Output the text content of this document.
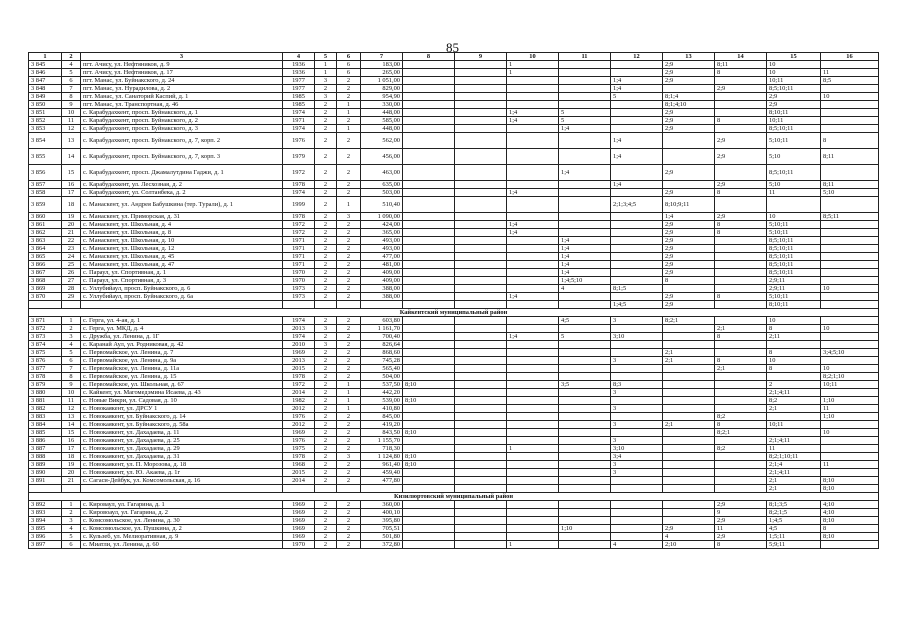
85
1	2	3	4	5	6	7	8	9	10	11	12	13	14	15	16
3 845	4	пгт. Ачису, ул. Нефтяников, д. 9	1936	1	6	183,00			1			2;9	8;11	10	
3 846	5	пгт. Ачису, ул. Нефтяников, д. 17	1936	1	6	265,00			1			2;9	8	10	11
3 847	6	пгт. Манас, ул. Буйнакского, д. 24	1977	3	2	1 051,00					1;4	2;9		10;11	8;5
3 848	7	пгт. Манас, ул. Нурадилова, д. 2	1977	2	2	829,00					1;4		2;9	8;5;10;11	
3 849	8	пгт. Манас, ул. Санаторий Каспий, д. 1	1985	3	2	954,90					5	8;1;4		2;9	10
3 850	9	пгт. Манас, ул. Транспортная, д. 46	1985	2	1	330,00						8;1;4;10		2;9	
3 851	10	с. Карабудахкент, просп. Буйнакского, д. 1	1974	2	1	448,00			1;4	5		2;9		8;10;11	
3 852	11	с. Карабудахкент, просп. Буйнакского, д. 2	1971	2	2	585,00			1;4	5		2;9	8	10;11	
3 853	12	с. Карабудахкент, просп. Буйнакского, д. 3	1974	2	1	448,00				1;4		2;9		8;5;10;11	
3 854	13	с. Карабудахкент, просп. Буйнакского, д. 7, корп. 2	1976	2	2	562,00					1;4		2;9	5;10;11	8
3 855	14	с. Карабудахкент, просп. Буйнакского, д. 7, корп. 3	1979	2	2	456,00					1;4		2;9	5;10	8;11
3 856	15	с. Карабудахкент, просп. Джамалутдина Гаджи, д. 1	1972	2	2	463,00				1;4		2;9		8;5;10;11	
3 857	16	с. Карабудахкент, ул. Лесхозная, д. 2	1978	2	2	635,00					1;4		2;9	5;10	8;11
3 858	17	с. Карабудахкент, ул. Солтанбека, д. 2	1974	2	2	503,00			1;4			2;9	8	11	5;10
3 859	18	с. Манаскент, ул. Андрея Бабушкина (тер. Турали), д. 1	1999	2	1	510,40					2;1;3;4;5	8;10;9;11			
3 860	19	с. Манаскент, ул. Приморская, д. 31	1978	2	3	1 090,00						1;4	2;9	10	8;5;11
3 861	20	с. Манаскент, ул. Школьная, д. 4	1972	2	2	424,00			1;4			2;9	8	5;10;11	
3 862	21	с. Манаскент, ул. Школьная, д. 8	1972	2	2	365,00			1;4			2;9	8	5;10;11	
3 863	22	с. Манаскент, ул. Школьная, д. 10	1971	2	2	493,00				1;4		2;9		8;5;10;11	
3 864	23	с. Манаскент, ул. Школьная, д. 12	1971	2	2	493,00				1;4		2;9		8;5;10;11	
3 865	24	с. Манаскент, ул. Школьная, д. 45	1971	2	2	477,00				1;4		2;9		8;5;10;11	
3 866	25	с. Манаскент, ул. Школьная, д. 47	1971	2	2	481,00				1;4		2;9		8;5;10;11	
3 867	26	с. Параул, ул. Спортивная, д. 1	1970	2	2	409,00				1;4		2;9		8;5;10;11	
3 868	27	с. Параул, ул. Спортивная, д. 3	1970	2	2	409,00				1;4;5;10		8		2;9;11	
3 869	28	с. Уллубийаул, просп. Буйнакского, д. 6	1973	2	2	388,00				4	8;1;5			2;9;11	10
3 870	29	с. Уллубийаул, просп. Буйнакского, д. 6а	1973	2	2	388,00			1;4			2;9	8	5;10;11	
											1;4;5	2;9		8;10;11	
Кайкентский муниципальный район															
3 871	1	с. Герга, ул. 4-ая, д. 1	1974	2	2	603,80				4;5	3	8;2;1		10	
3 872	2	с. Герга, ул. МКД, д. 4	2013	3	2	1 161,70							2;1	8	10
3 873	3	с. Дружба, ул. Ленина, д. 1Г	1974	2	2	700,40			1;4	5	3;10		8	2;11	
3 874	4	с. Каранай Аул, ул. Родниковая, д. 42	2010	3	2	826,64									
3 875	5	с. Первомайское, ул. Ленина, д. 7	1969	2	2	868,60						2;1		8	3;4;5;10
3 876	6	с. Первомайское, ул. Ленина, д. 9а	2013	2	2	745,28					3	2;1	8	10	
3 877	7	с. Первомайское, ул. Ленина, д. 11а	2015	2	2	565,40							2;1	8	10
3 878	8	с. Первомайское, ул. Ленина, д. 15	1978	2	2	504,00									8;2;1;10
3 879	9	с. Первомайское, ул. Школьная, д. 67	1972	2	1	537,50	8;10			3;5	8;3			2	10;11
3 880	10	с. Кайкент, ул. Магомедэмина Исаева, д. 43	2014	2	1	442,20					3			2;1;4;11	
3 881	11	с. Новые Викри, ул. Садовая, д. 10	1982	2	1	539,00	8;10							8;2	1;10
3 882	12	с. Новокаякент, ул. ДРСУ 1	2012	2	1	410,80					3			2;1	11
3 883	13	с. Новокаякент, ул. Буйнакского, д. 14	1976	2	2	845,00							8;2		1;10
3 884	14	с. Новокаякент, ул. Буйнакского, д. 58а	2012	2	2	419,20					3	2;1	8	10;11	
3 885	15	с. Новокаякент, ул. Дахадаева, д. 11	1969	2	2	843,50	8;10						8;2;1		10
3 886	16	с. Новокаякент, ул. Дахадаева, д. 25	1976	2	2	1 155,70					3			2;1;4;11	
3 887	17	с. Новокаякент, ул. Дахадаева, д. 29	1975	2	2	718,30			1		3;10		8;2	11	
3 888	18	с. Новокаякент, ул. Дахадаева, д. 31	1978	2	3	1 124,80	8;10				3;4			8;2;1;10;11	
3 889	19	с. Новокаякент, ул. П. Морозова, д. 18	1968	2	2	961,40	8;10				3			2;1;4	11
3 890	20	с. Новокаякент, ул. Ю. Акаева, д. 1г	2015	2	2	459,40					3			2;1;4;11	
3 891	21	с. Сагаси-Дейбук, ул. Комсомольская, д. 16	2014	2	2	477,80								2;1	8;10
														2;1	8;10
Кизилюртовский муниципальный район															
3 892	1	с. Кироваул, ул. Гагарина, д. 1	1969	2	2	360,00							2;9	8;1;3;5	4;10
3 893	2	с. Кировоаул, ул. Гагарина, д. 2	1969	2	2	400,10							9	8;2;1;5	4;10
3 894	3	с. Комсомольское, ул. Ленина, д. 30	1969	2	2	395,80							2;9	1;4;5	8;10
3 895	4	с. Комсомольское, ул. Пушкина, д. 2	1969	2	2	705,51				1;10		2;9	11	4;5	8
3 896	5	с. Кульзеб, ул. Мелиоративная, д. 9	1969	2	2	501,80						4	2;9	1;5;11	8;10
3 897	6	с. Миатли, ул. Ленина, д. 60	1970	2	2	372,80			1		4	2;10	8	5;9;11	
